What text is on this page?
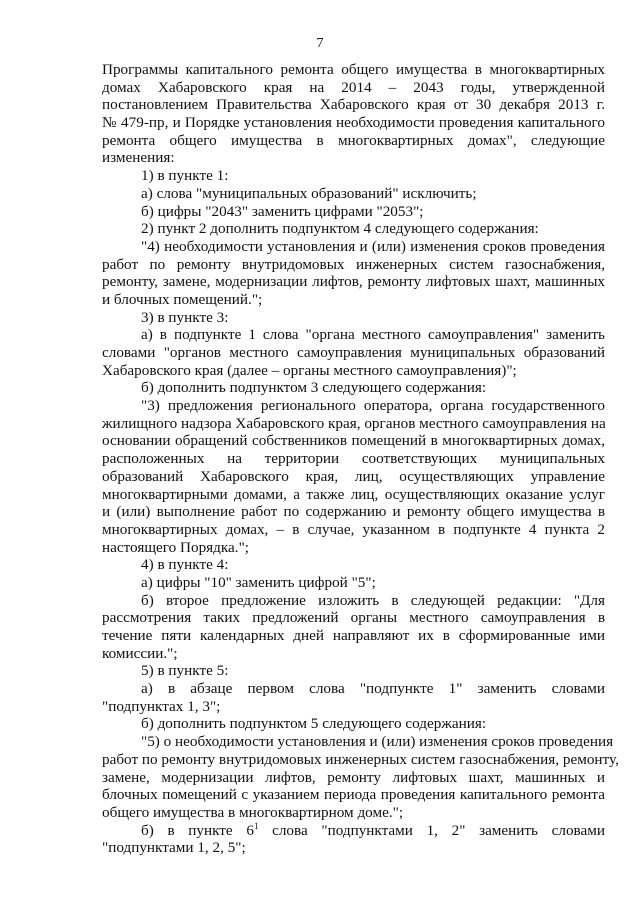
7
Программы капитального ремонта общего имущества в многоквартирных
домах Хабаровского края на 2014 – 2043 годы, утвержденной
постановлением Правительства Хабаровского края от 30 декабря 2013 г.
№ 479-пр, и Порядке установления необходимости проведения капитального
ремонта общего имущества в многоквартирных домах", следующие
изменения:
1) в пункте 1:
а) слова "муниципальных образований" исключить;
б) цифры "2043" заменить цифрами "2053";
2) пункт 2 дополнить подпунктом 4 следующего содержания:
"4) необходимости установления и (или) изменения сроков проведения
работ по ремонту внутридомовых инженерных систем газоснабжения,
ремонту, замене, модернизации лифтов, ремонту лифтовых шахт, машинных
и блочных помещений.";
3) в пункте 3:
а) в подпункте 1 слова "органа местного самоуправления" заменить
словами "органов местного самоуправления муниципальных образований
Хабаровского края (далее – органы местного самоуправления)";
б) дополнить подпунктом 3 следующего содержания:
"3) предложения регионального оператора, органа государственного
жилищного надзора Хабаровского края, органов местного самоуправления на
основании обращений собственников помещений в многоквартирных домах,
расположенных на территории соответствующих муниципальных
образований Хабаровского края, лиц, осуществляющих управление
многоквартирными домами, а также лиц, осуществляющих оказание услуг
и (или) выполнение работ по содержанию и ремонту общего имущества в
многоквартирных домах, – в случае, указанном в подпункте 4 пункта 2
настоящего Порядка.";
4) в пункте 4:
а) цифры "10" заменить цифрой "5";
б) второе предложение изложить в следующей редакции: "Для
рассмотрения таких предложений органы местного самоуправления в
течение пяти календарных дней направляют их в сформированные ими
комиссии.";
5) в пункте 5:
а) в абзаце первом слова "подпункте 1" заменить словами
"подпунктах 1, 3";
б) дополнить подпунктом 5 следующего содержания:
"5) о необходимости установления и (или) изменения сроков проведения
работ по ремонту внутридомовых инженерных систем газоснабжения, ремонту,
замене, модернизации лифтов, ремонту лифтовых шахт, машинных и
блочных помещений с указанием периода проведения капитального ремонта
общего имущества в многоквартирном доме.";
б) в пункте $6^1$ слова "подпунктами 1, 2" заменить словами
"подпунктами 1, 2, 5";
